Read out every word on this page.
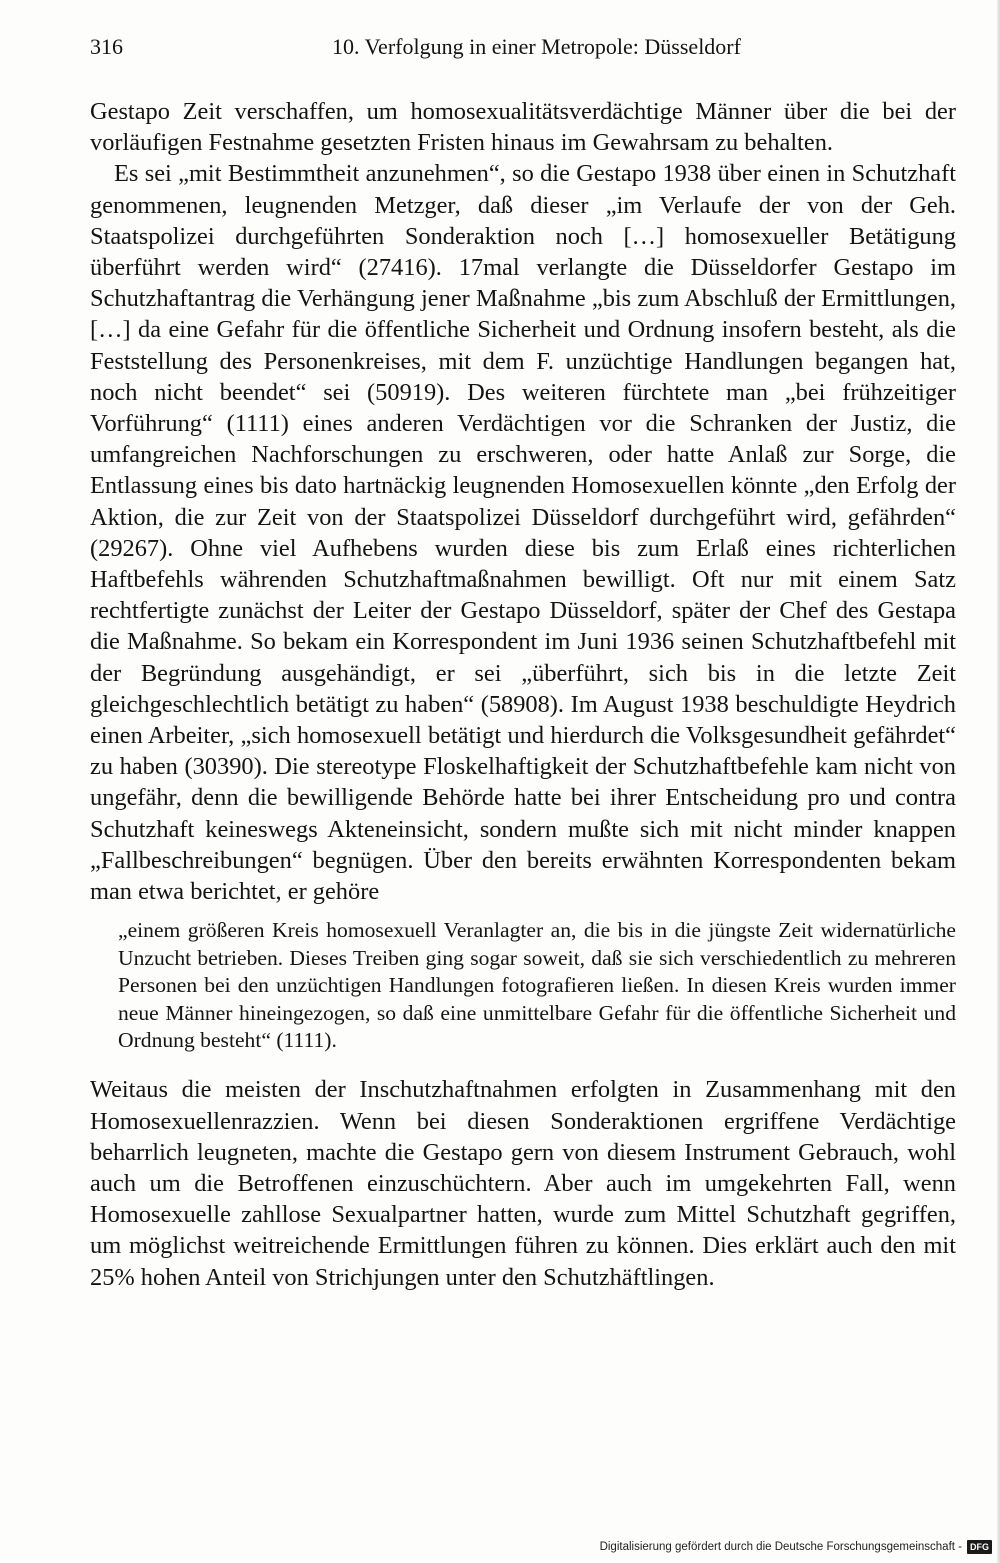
316	10. Verfolgung in einer Metropole: Düsseldorf

Gestapo Zeit verschaffen, um homosexualitätsverdächtige Männer über die bei der vorläufigen Festnahme gesetzten Fristen hinaus im Gewahrsam zu behalten.

Es sei „mit Bestimmtheit anzunehmen“, so die Gestapo 1938 über einen in Schutzhaft genommenen, leugnenden Metzger, daß dieser „im Verlaufe der von der Geh. Staatspolizei durchgeführten Sonderaktion noch […] homosexueller Betätigung überführt werden wird“ (27416). 17mal verlangte die Düsseldorfer Gestapo im Schutzhaftantrag die Verhängung jener Maßnahme „bis zum Abschluß der Ermittlungen, […] da eine Gefahr für die öffentliche Sicherheit und Ordnung insofern besteht, als die Feststellung des Personenkreises, mit dem F. unzüchtige Handlungen begangen hat, noch nicht beendet“ sei (50919). Des weiteren fürchtete man „bei frühzeitiger Vorführung“ (1111) eines anderen Verdächtigen vor die Schranken der Justiz, die umfangreichen Nachforschungen zu erschweren, oder hatte Anlaß zur Sorge, die Entlassung eines bis dato hartnäckig leugnenden Homosexuellen könnte „den Erfolg der Aktion, die zur Zeit von der Staatspolizei Düsseldorf durchgeführt wird, gefährden“ (29267). Ohne viel Aufhebens wurden diese bis zum Erlaß eines richterlichen Haftbefehls währenden Schutzhaftmaßnahmen bewilligt. Oft nur mit einem Satz rechtfertigte zunächst der Leiter der Gestapo Düsseldorf, später der Chef des Gestapa die Maßnahme. So bekam ein Korrespondent im Juni 1936 seinen Schutzhaftbefehl mit der Begründung ausgehändigt, er sei „überführt, sich bis in die letzte Zeit gleichgeschlechtlich betätigt zu haben“ (58908). Im August 1938 beschuldigte Heydrich einen Arbeiter, „sich homosexuell betätigt und hierdurch die Volksgesundheit gefährdet“ zu haben (30390). Die stereotype Floskelhaftigkeit der Schutzhaftbefehle kam nicht von ungefähr, denn die bewilligende Behörde hatte bei ihrer Entscheidung pro und contra Schutzhaft keineswegs Akteneinsicht, sondern mußte sich mit nicht minder knappen „Fallbeschreibungen“ begnügen. Über den bereits erwähnten Korrespondenten bekam man etwa berichtet, er gehöre

„einem größeren Kreis homosexuell Veranlagter an, die bis in die jüngste Zeit widernatürliche Unzucht betrieben. Dieses Treiben ging sogar soweit, daß sie sich verschiedentlich zu mehreren Personen bei den unzüchtigen Handlungen fotografieren ließen. In diesen Kreis wurden immer neue Männer hineingezogen, so daß eine unmittelbare Gefahr für die öffentliche Sicherheit und Ordnung besteht“ (1111).

Weitaus die meisten der Inschutzhaftnahmen erfolgten in Zusammenhang mit den Homosexuellenrazzien. Wenn bei diesen Sonderaktionen ergriffene Verdächtige beharrlich leugneten, machte die Gestapo gern von diesem Instrument Gebrauch, wohl auch um die Betroffenen einzuschüchtern. Aber auch im umgekehrten Fall, wenn Homosexuelle zahllose Sexualpartner hatten, wurde zum Mittel Schutzhaft gegriffen, um möglichst weitreichende Ermittlungen führen zu können. Dies erklärt auch den mit 25% hohen Anteil von Strichjungen unter den Schutzhäftlingen.

Digitalisierung gefördert durch die Deutsche Forschungsgemeinschaft - DFG
